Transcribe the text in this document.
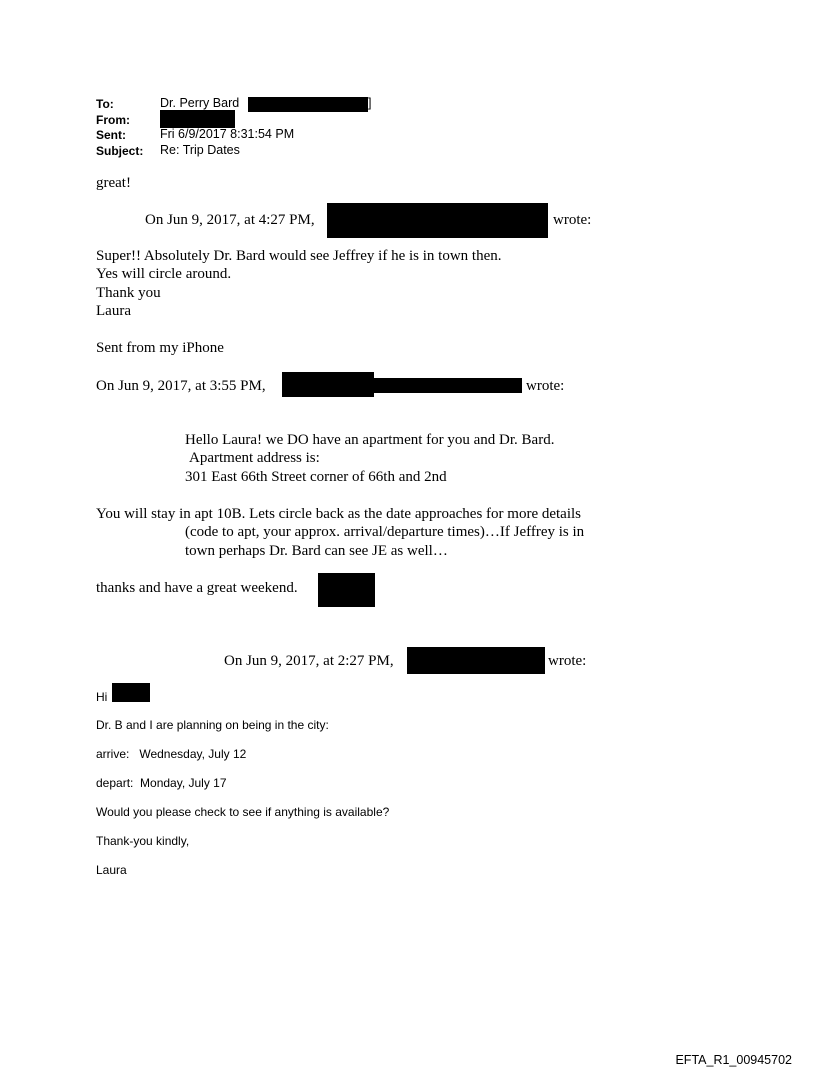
To:	Dr. Perry Bard	]
From:
Sent:	Fri 6/9/2017 8:31:54 PM
Subject: Re: Trip Dates
great!
On Jun 9, 2017, at 4:27 PM,	wrote:
Super!! Absolutely Dr. Bard would see Jeffrey if he is in town then.
Yes will circle around.
Thank you
Laura
Sent from my iPhone
On Jun 9, 2017, at 3:55 PM,	wrote:
Hello Laura! we DO have an apartment for you and Dr. Bard.
Apartment address is:
301 East 66th Street corner of 66th and 2nd
You will stay in apt 10B. Lets circle back as the date approaches for more details
(code to apt, your approx. arrival/departure times)…If Jeffrey is in
town perhaps Dr. Bard can see JE as well…
thanks and have a great weekend.
On Jun 9, 2017, at 2:27 PM,	wrote:
Hi
Dr. B and I are planning on being in the city:
arrive:   Wednesday, July 12
depart:  Monday, July 17
Would you please check to see if anything is available?
Thank-you kindly,
Laura
EFTA_R1_00945702
